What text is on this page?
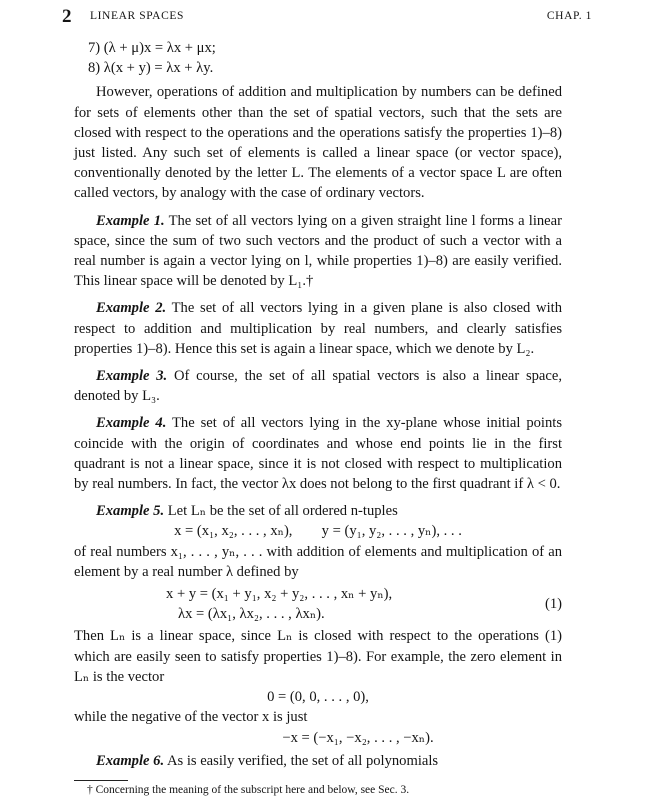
2 LINEAR SPACES	CHAP. 1

7) (λ + μ)x = λx + μx;

8) λ(x + y) = λx + λy.

However, operations of addition and multiplication by numbers can be defined for sets of elements other than the set of spatial vectors, such that the sets are closed with respect to the operations and the operations satisfy the properties 1)–8) just listed. Any such set of elements is called a linear space (or vector space), conventionally denoted by the letter L. The elements of a vector space L are often called vectors, by analogy with the case of ordinary vectors.

Example 1. The set of all vectors lying on a given straight line l forms a linear space, since the sum of two such vectors and the product of such a vector with a real number is again a vector lying on l, while properties 1)–8) are easily verified. This linear space will be denoted by L₁.†

Example 2. The set of all vectors lying in a given plane is also closed with respect to addition and multiplication by real numbers, and clearly satisfies properties 1)–8). Hence this set is again a linear space, which we denote by L₂.

Example 3. Of course, the set of all spatial vectors is also a linear space, denoted by L₃.

Example 4. The set of all vectors lying in the xy-plane whose initial points coincide with the origin of coordinates and whose end points lie in the first quadrant is not a linear space, since it is not closed with respect to multiplication by real numbers. In fact, the vector λx does not belong to the first quadrant if λ < 0.

Example 5. Let Lₙ be the set of all ordered n-tuples

x = (x₁, x₂, . . . , xₙ),        y = (y₁, y₂, . . . , yₙ), . . .

of real numbers x₁, . . . , yₙ, . . . with addition of elements and multiplication of an element by a real number λ defined by

x + y = (x₁ + y₁, x₂ + y₂, . . . , xₙ + yₙ),

λx = (λx₁, λx₂, . . . , λxₙ).

(1)

Then Lₙ is a linear space, since Lₙ is closed with respect to the operations (1) which are easily seen to satisfy properties 1)–8). For example, the zero element in Lₙ is the vector

0 = (0, 0, . . . , 0),

while the negative of the vector x is just

−x = (−x₁, −x₂, . . . , −xₙ).

Example 6. As is easily verified, the set of all polynomials

† Concerning the meaning of the subscript here and below, see Sec. 3.
